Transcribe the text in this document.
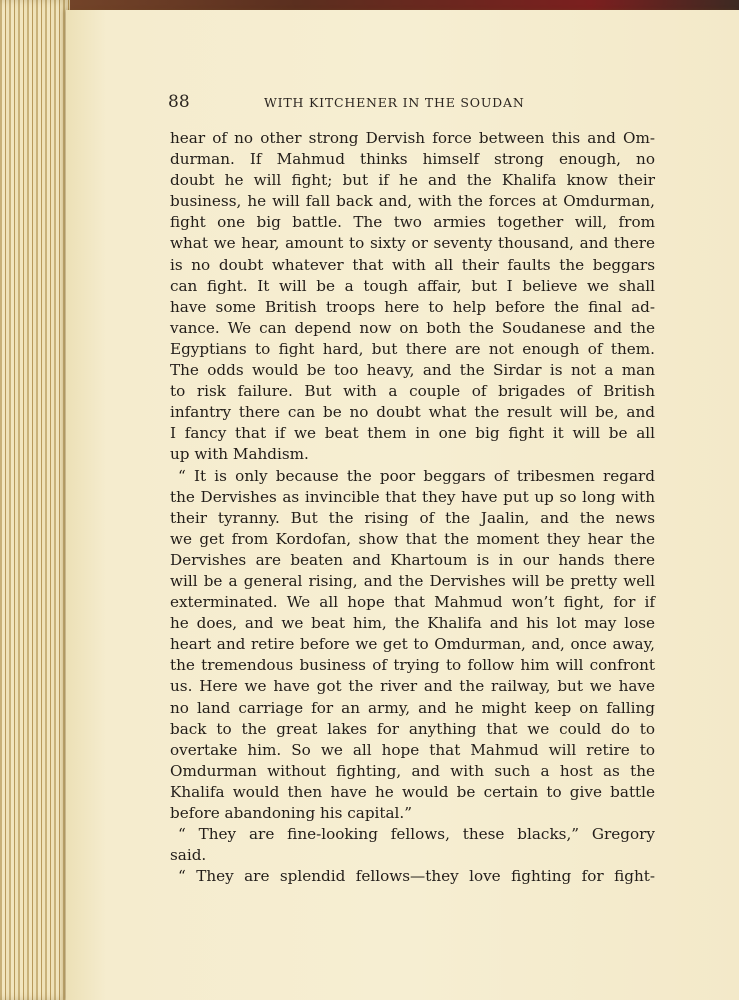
88	WITH KITCHENER IN THE SOUDAN
hear of no other strong Dervish force between this and Om-
durman. If Mahmud thinks himself strong enough, no
doubt he will fight; but if he and the Khalifa know their
business, he will fall back and, with the forces at Omdurman,
fight one big battle. The two armies together will, from
what we hear, amount to sixty or seventy thousand, and there
is no doubt whatever that with all their faults the beggars
can fight. It will be a tough affair, but I believe we shall
have some British troops here to help before the final ad-
vance. We can depend now on both the Soudanese and the
Egyptians to fight hard, but there are not enough of them.
The odds would be too heavy, and the Sirdar is not a man
to risk failure. But with a couple of brigades of British
infantry there can be no doubt what the result will be, and
I fancy that if we beat them in one big fight it will be all
up with Mahdism.
“ It is only because the poor beggars of tribesmen regard
the Dervishes as invincible that they have put up so long with
their tyranny. But the rising of the Jaalin, and the news
we get from Kordofan, show that the moment they hear the
Dervishes are beaten and Khartoum is in our hands there
will be a general rising, and the Dervishes will be pretty well
exterminated. We all hope that Mahmud won’t fight, for if
he does, and we beat him, the Khalifa and his lot may lose
heart and retire before we get to Omdurman, and, once away,
the tremendous business of trying to follow him will confront
us. Here we have got the river and the railway, but we have
no land carriage for an army, and he might keep on falling
back to the great lakes for anything that we could do to
overtake him. So we all hope that Mahmud will retire to
Omdurman without fighting, and with such a host as the
Khalifa would then have he would be certain to give battle
before abandoning his capital.”
“ They are fine-looking fellows, these blacks,” Gregory
said.
“ They are splendid fellows—they love fighting for fight-
